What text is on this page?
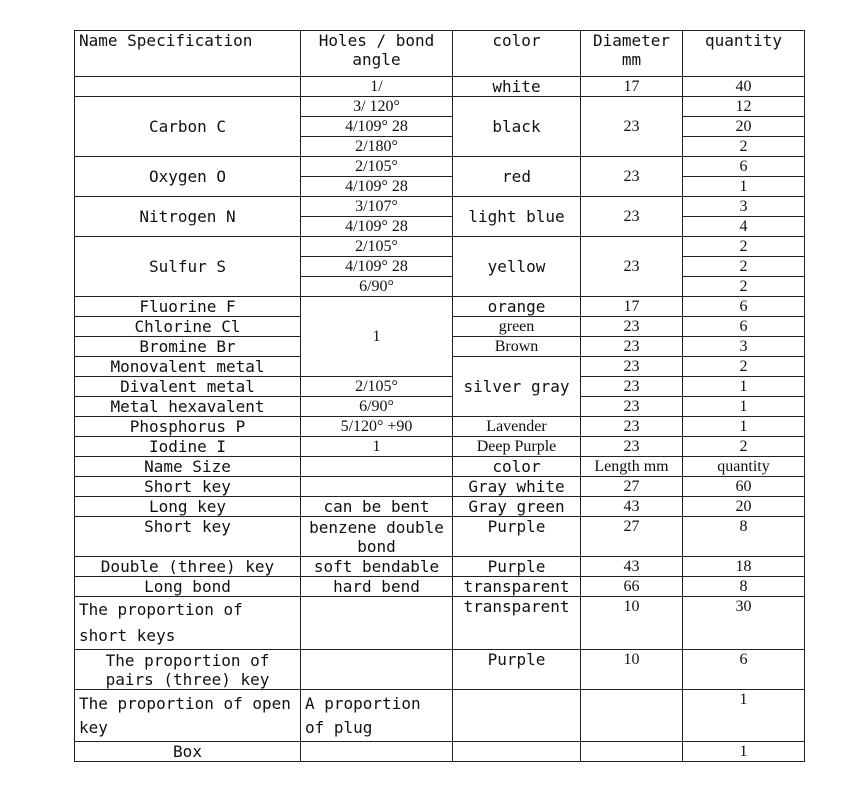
Name Specification	Holes / bond angle	color	Diameter mm	quantity
	1/	white	17	40
Carbon C	3/ 120°	black	23	12
	4/109° 28			20
	2/180°			2
Oxygen O	2/105°	red	23	6
	4/109° 28			1
Nitrogen N	3/107°	light blue	23	3
	4/109° 28			4
Sulfur S	2/105°	yellow	23	2
	4/109° 28			2
	6/90°			2
Fluorine F	1	orange	17	6
Chlorine Cl		green	23	6
Bromine Br		Brown	23	3
Monovalent metal		silver gray	23	2
Divalent metal	2/105°		23	1
Metal hexavalent	6/90°		23	1
Phosphorus P	5/120° +90	Lavender	23	1
Iodine I	1	Deep Purple	23	2
Name Size		color	Length mm	quantity
Short key		Gray white	27	60
Long key	can be bent	Gray green	43	20
Short key	benzene double bond	Purple	27	8
Double (three) key	soft bendable	Purple	43	18
Long bond	hard bend	transparent	66	8
The proportion of short keys		transparent	10	30
The proportion of pairs (three) key		Purple	10	6
The proportion of open key	A proportion of plug			1
Box				1
